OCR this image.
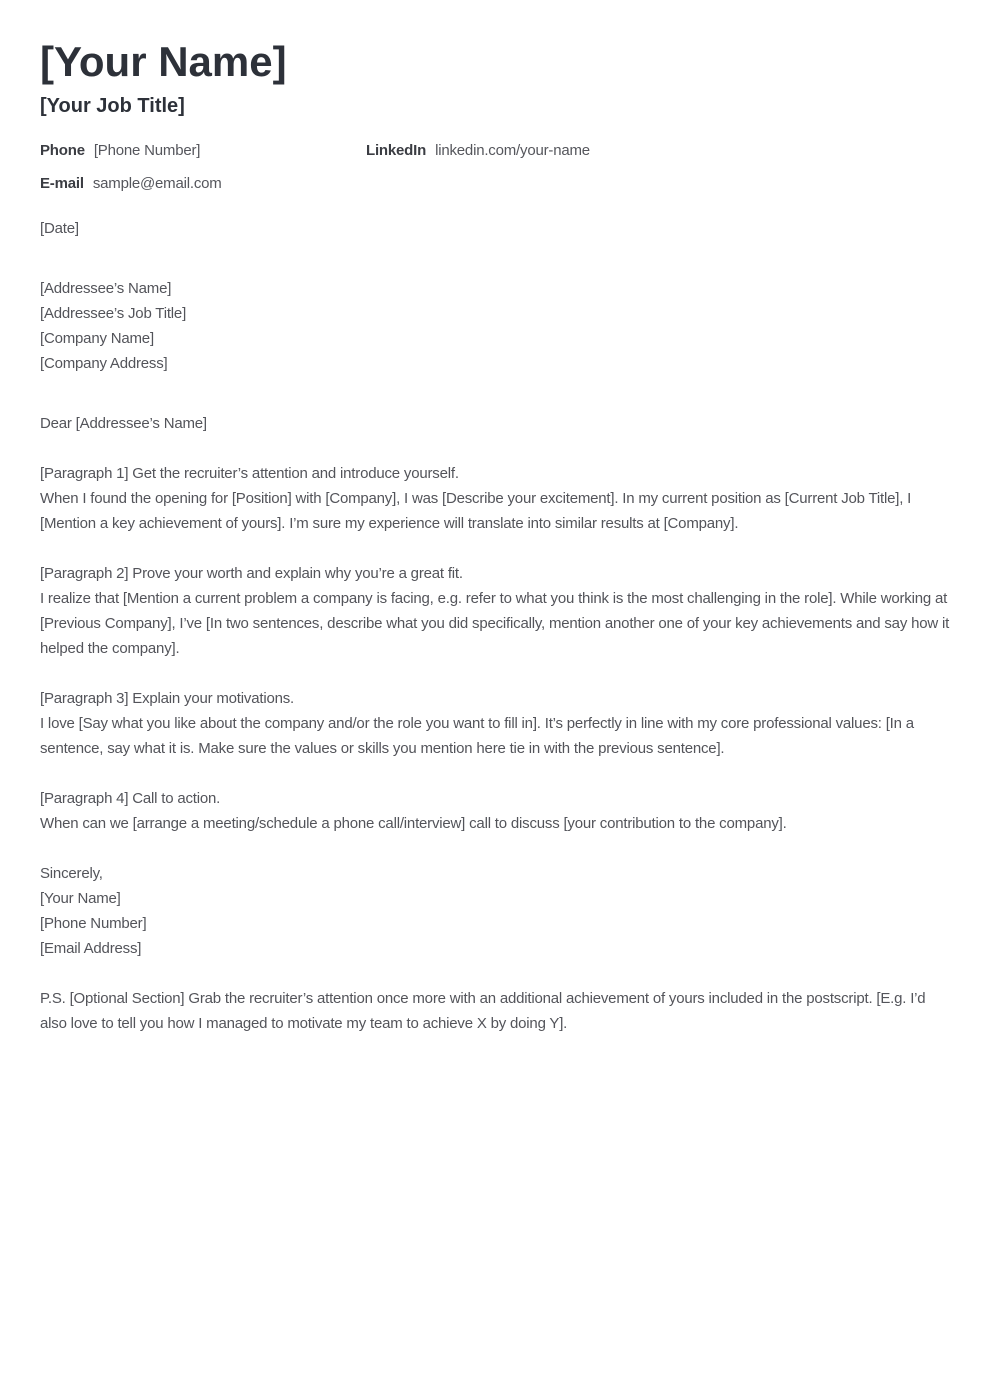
[Your Name]
[Your Job Title]
Phone [Phone Number]	LinkedIn linkedin.com/your-name
E-mail sample@email.com

[Date]

[Addressee’s Name]

[Addressee’s Job Title]

[Company Name]

[Company Address]

Dear [Addressee’s Name]

[Paragraph 1] Get the recruiter’s attention and introduce yourself.

When I found the opening for [Position] with [Company], I was [Describe your excitement]. In my current position as [Current Job Title], I [Mention a key achievement of yours]. I’m sure my experience will translate into similar results at [Company].

[Paragraph 2] Prove your worth and explain why you’re a great fit.

I realize that [Mention a current problem a company is facing, e.g. refer to what you think is the most challenging in the role]. While working at [Previous Company], I’ve [In two sentences, describe what you did specifically, mention another one of your key achievements and say how it helped the company].

[Paragraph 3] Explain your motivations.

I love [Say what you like about the company and/or the role you want to fill in]. It’s perfectly in line with my core professional values: [In a sentence, say what it is. Make sure the values or skills you mention here tie in with the previous sentence].

[Paragraph 4] Call to action.

When can we [arrange a meeting/schedule a phone call/interview] call to discuss [your contribution to the company].

Sincerely,

[Your Name]

[Phone Number]

[Email Address]

P.S. [Optional Section] Grab the recruiter’s attention once more with an additional achievement of yours included in the postscript. [E.g. I’d also love to tell you how I managed to motivate my team to achieve X by doing Y].
